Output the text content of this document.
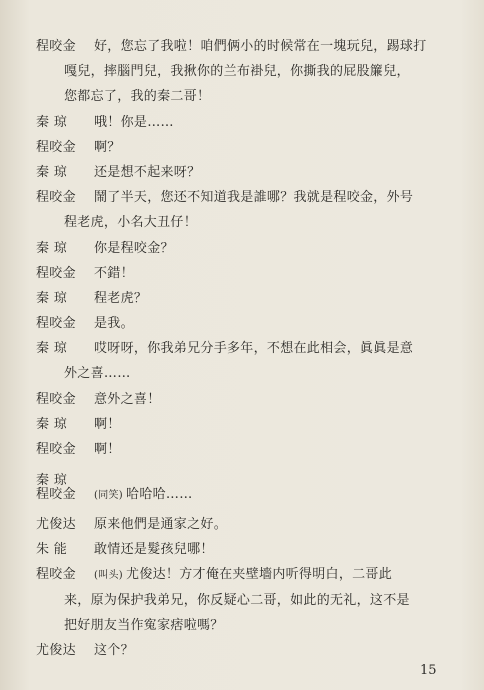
程咬金 好，您忘了我啦！咱們俩小的时候常在一塊玩兒，踢球打
嘎兒，摔腦門兒，我揪你的兰布褂兒，你撕我的屁股簾兒，
您都忘了，我的秦二哥！
秦 琼 哦！你是……
程咬金 啊？
秦 琼 还是想不起来呀？
程咬金 鬧了半天，您还不知道我是誰哪？我就是程咬金，外号
程老虎，小名大丑仔！
秦 琼 你是程咬金？
程咬金 不錯！
秦 琼 程老虎？
程咬金 是我。
秦 琼 哎呀呀，你我弟兄分手多年，不想在此相会，眞眞是意
外之喜……
程咬金 意外之喜！
秦 琼 啊！
程咬金 啊！
秦 琼
程咬金 (同笑) 哈哈哈……
尤俊达 原来他們是通家之好。
朱 能 敢情还是髮孩兒哪！
程咬金 (叫头) 尤俊达！方才俺在夹壁墻内听得明白，二哥此
来，原为保护我弟兄，你反疑心二哥，如此的无礼，这不是
把好朋友当作寃家痞啦嗎？
尤俊达 这个？
15
